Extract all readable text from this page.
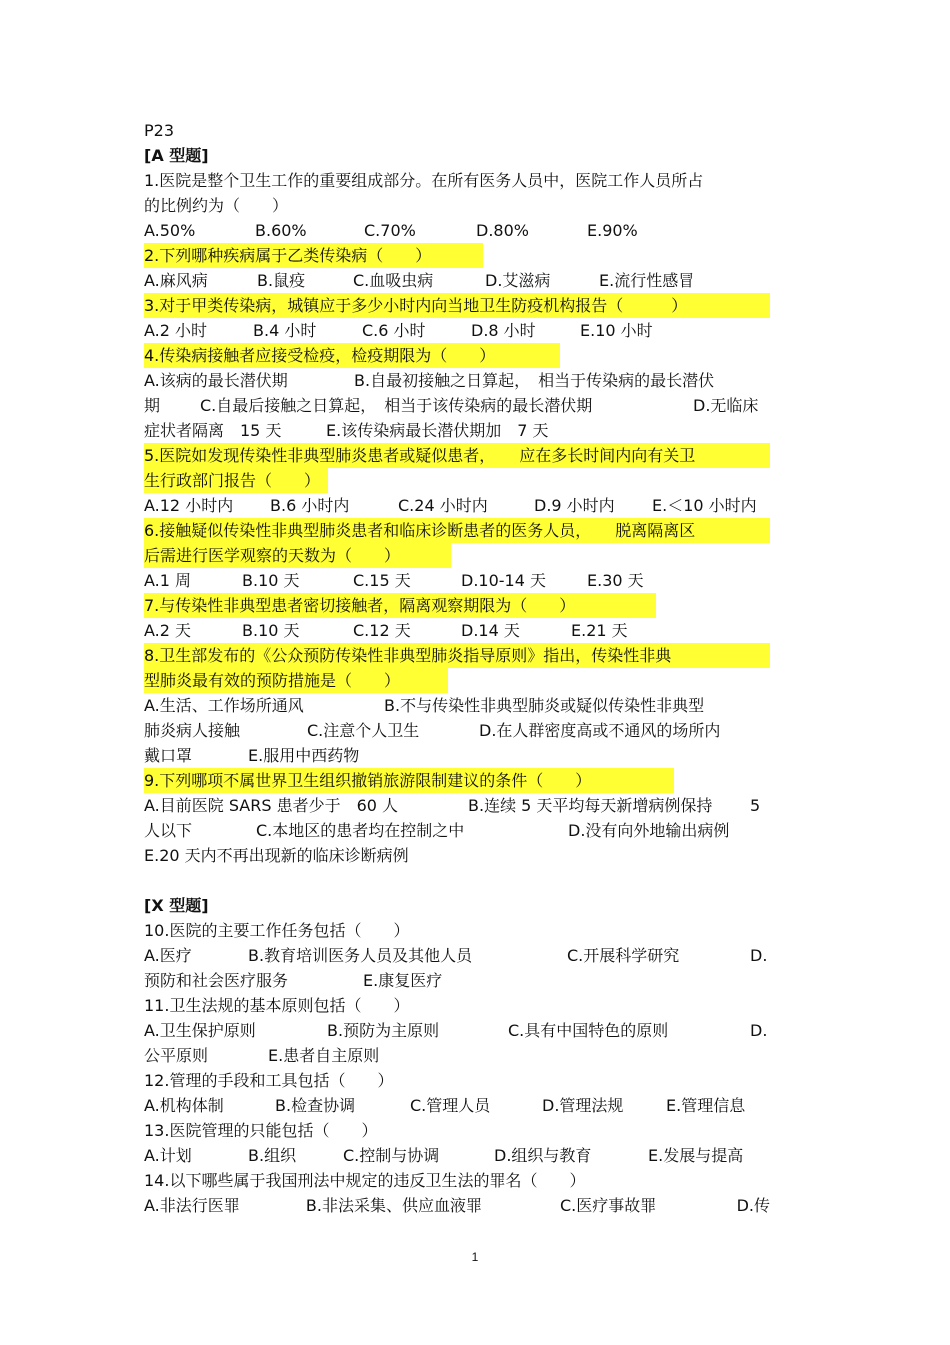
P23
[A 型题]
1.医院是整个卫生工作的重要组成部分。在所有医务人员中，医院工作人员所占
的比例约为（　　）
A.50%	B.60%	C.70%	D.80%	E.90%
2.下列哪种疾病属于乙类传染病（　　）
A.麻风病	B.鼠疫	C.血吸虫病	D.艾滋病	E.流行性感冒
3.对于甲类传染病，城镇应于多少小时内向当地卫生防疫机构报告（　　　）
A.2 小时	B.4 小时	C.6 小时	D.8 小时	E.10 小时
4.传染病接触者应接受检疫，检疫期限为（　　）
A.该病的最长潜伏期	B.自最初接触之日算起，　相当于传染病的最长潜伏
期	C.自最后接触之日算起，　相当于该传染病的最长潜伏期	D.无临床
症状者隔离　15 天	E.该传染病最长潜伏期加　7 天
5.医院如发现传染性非典型肺炎患者或疑似患者，　　应在多长时间内向有关卫
生行政部门报告（　　）
A.12 小时内	B.6 小时内	C.24 小时内	D.9 小时内	E.＜10 小时内
6.接触疑似传染性非典型肺炎患者和临床诊断患者的医务人员，　　脱离隔离区
后需进行医学观察的天数为（　　）
A.1 周	B.10 天	C.15 天	D.10-14 天	E.30 天
7.与传染性非典型患者密切接触者，隔离观察期限为（　　）
A.2 天	B.10 天	C.12 天	D.14 天	E.21 天
8.卫生部发布的《公众预防传染性非典型肺炎指导原则》指出，传染性非典
型肺炎最有效的预防措施是（　　）
A.生活、工作场所通风	B.不与传染性非典型肺炎或疑似传染性非典型
肺炎病人接触	C.注意个人卫生	D.在人群密度高或不通风的场所内
戴口罩	E.服用中西药物
9.下列哪项不属世界卫生组织撤销旅游限制建议的条件（　　）
A.目前医院 SARS 患者少于　60 人	B.连续 5 天平均每天新增病例保持	5
人以下	C.本地区的患者均在控制之中	D.没有向外地输出病例
E.20 天内不再出现新的临床诊断病例
[X 型题]
10.医院的主要工作任务包括（　　）
A.医疗	B.教育培训医务人员及其他人员	C.开展科学研究	D.
预防和社会医疗服务	E.康复医疗
11.卫生法规的基本原则包括（　　）
A.卫生保护原则	B.预防为主原则	C.具有中国特色的原则	D.
公平原则	E.患者自主原则
12.管理的手段和工具包括（　　）
A.机构体制	B.检查协调	C.管理人员	D.管理法规	E.管理信息
13.医院管理的只能包括（　　）
A.计划	B.组织	C.控制与协调	D.组织与教育	E.发展与提高
14.以下哪些属于我国刑法中规定的违反卫生法的罪名（　　）
A.非法行医罪	B.非法采集、供应血液罪	C.医疗事故罪	D.传
1
